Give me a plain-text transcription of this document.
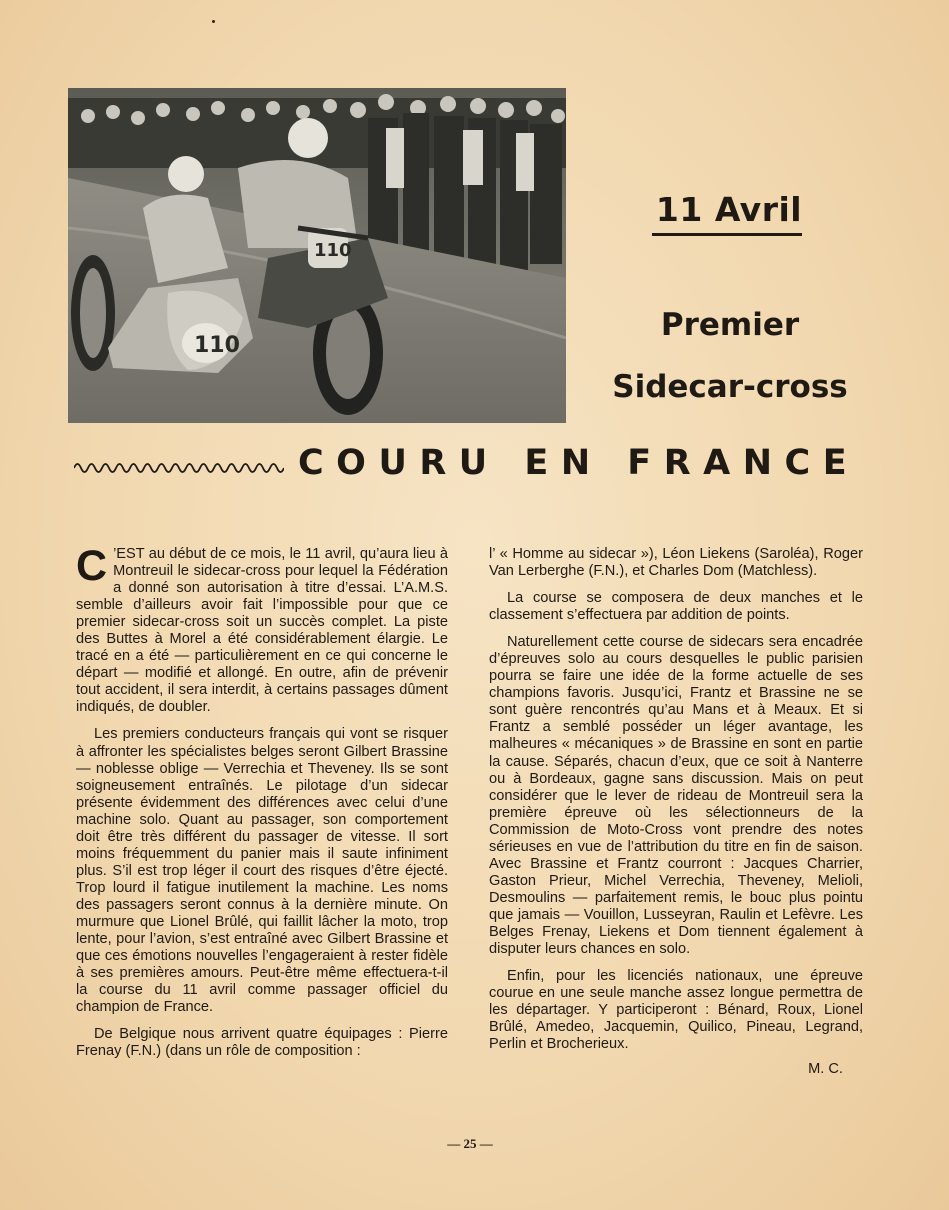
110
110
11 Avril
Premier
Sidecar-cross
COURU EN FRANCE

C ’EST au début de ce mois, le 11 avril, qu’aura lieu à Montreuil le sidecar-cross pour lequel la Fédération a donné son autorisation à titre d’essai. L’A.M.S. semble d’ailleurs avoir fait l’impossible pour que ce premier sidecar-cross soit un succès complet. La piste des Buttes à Morel a été considérablement élargie. Le tracé en a été — particulièrement en ce qui concerne le départ — modifié et allongé. En outre, afin de prévenir tout accident, il sera interdit, à certains passages dûment indiqués, de doubler.

Les premiers conducteurs français qui vont se risquer à affronter les spécialistes belges seront Gilbert Brassine — noblesse oblige — Verrechia et Theveney. Ils se sont soigneusement entraînés. Le pilotage d’un sidecar présente évidemment des différences avec celui d’une machine solo. Quant au passager, son comportement doit être très différent du passager de vitesse. Il sort moins fréquemment du panier mais il saute infiniment plus. S’il est trop léger il court des risques d’être éjecté. Trop lourd il fatigue inutilement la machine. Les noms des passagers seront connus à la dernière minute. On murmure que Lionel Brûlé, qui faillit lâcher la moto, trop lente, pour l’avion, s’est entraîné avec Gilbert Brassine et que ces émotions nouvelles l’engageraient à rester fidèle à ses premières amours. Peut-être même effectuera-t-il la course du 11 avril comme passager officiel du champion de France.

De Belgique nous arrivent quatre équipages : Pierre Frenay (F.N.) (dans un rôle de composition :

l’ « Homme au sidecar »), Léon Liekens (Saroléa), Roger Van Lerberghe (F.N.), et Charles Dom (Matchless).

La course se composera de deux manches et le classement s’effectuera par addition de points.

Naturellement cette course de sidecars sera encadrée d’épreuves solo au cours desquelles le public parisien pourra se faire une idée de la forme actuelle de ses champions favoris. Jusqu’ici, Frantz et Brassine ne se sont guère rencontrés qu’au Mans et à Meaux. Et si Frantz a semblé posséder un léger avantage, les malheures « mécaniques » de Brassine en sont en partie la cause. Séparés, chacun d’eux, que ce soit à Nanterre ou à Bordeaux, gagne sans discussion. Mais on peut considérer que le lever de rideau de Montreuil sera la première épreuve où les sélectionneurs de la Commission de Moto-Cross vont prendre des notes sérieuses en vue de l’attribution du titre en fin de saison. Avec Brassine et Frantz courront : Jacques Charrier, Gaston Prieur, Michel Verrechia, Theveney, Melioli, Desmoulins — parfaitement remis, le bouc plus pointu que jamais — Vouillon, Lusseyran, Raulin et Lefèvre. Les Belges Frenay, Liekens et Dom tiennent également à disputer leurs chances en solo.

Enfin, pour les licenciés nationaux, une épreuve courue en une seule manche assez longue permettra de les départager. Y participeront : Bénard, Roux, Lionel Brûlé, Amedeo, Jacquemin, Quilico, Pineau, Legrand, Perlin et Brocherieux.

M. C.
— 25 —
